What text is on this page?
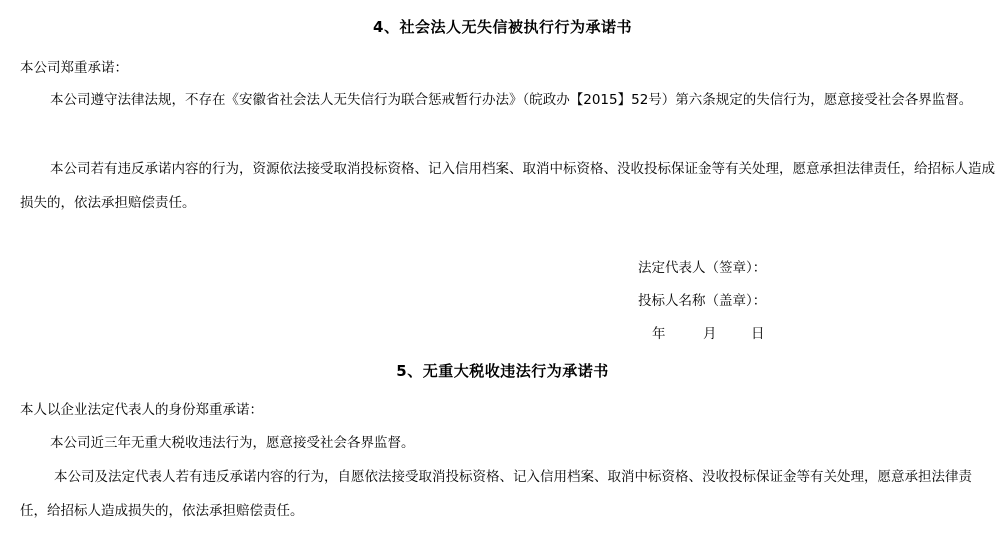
4、社会法人无失信被执行行为承诺书
本公司郑重承诺：
本公司遵守法律法规，不存在《安徽省社会法人无失信行为联合惩戒暂行办法》（皖政办【2015】52号）第六条规定的失信行为，愿意接受社会各界监督。
本公司若有违反承诺内容的行为，资源依法接受取消投标资格、记入信用档案、取消中标资格、没收投标保证金等有关处理，愿意承担法律责任，给招标人造成损失的，依法承担赔偿责任。
法定代表人（签章）：
投标人名称（盖章）：
年	月	日
5、无重大税收违法行为承诺书
本人以企业法定代表人的身份郑重承诺：
本公司近三年无重大税收违法行为，愿意接受社会各界监督。
本公司及法定代表人若有违反承诺内容的行为，自愿依法接受取消投标资格、记入信用档案、取消中标资格、没收投标保证金等有关处理，愿意承担法律责任，给招标人造成损失的，依法承担赔偿责任。
